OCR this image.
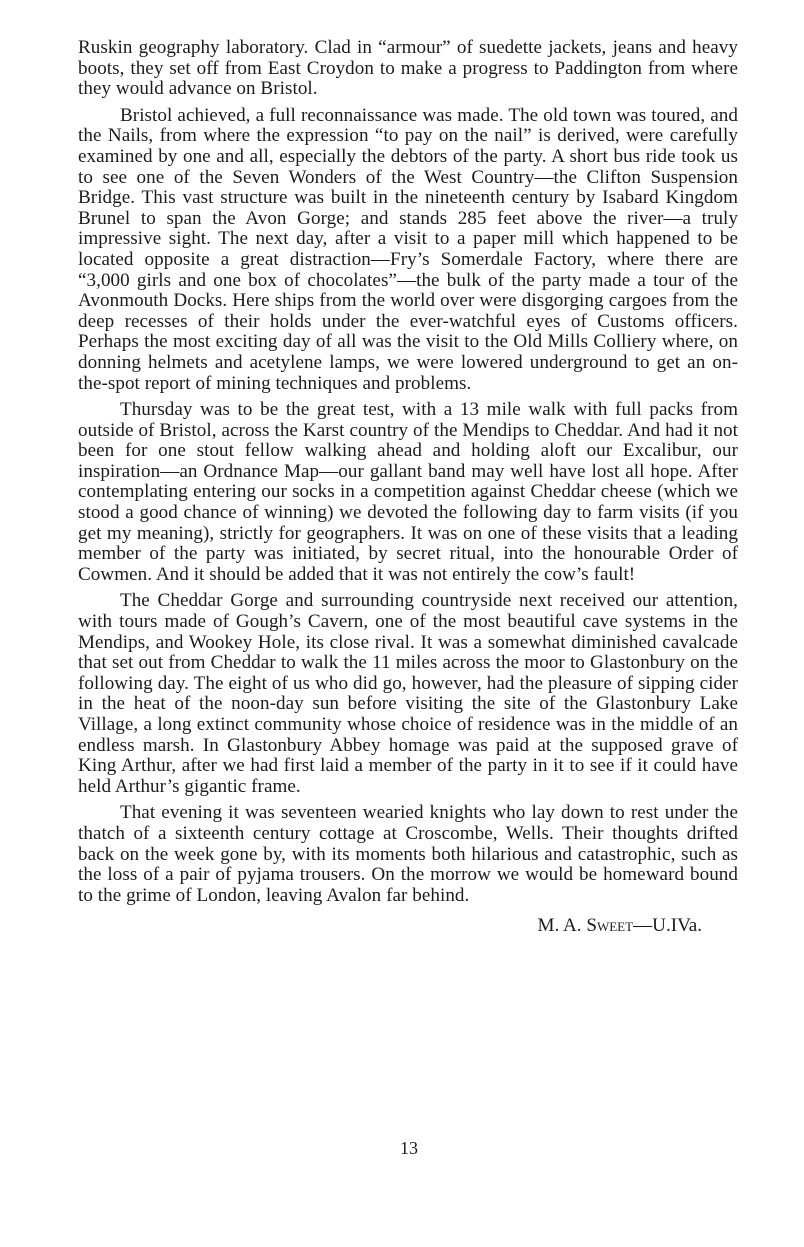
Ruskin geography laboratory. Clad in “armour” of suedette jackets, jeans and heavy boots, they set off from East Croydon to make a progress to Paddington from where they would advance on Bristol.

Bristol achieved, a full reconnaissance was made. The old town was toured, and the Nails, from where the expression “to pay on the nail” is derived, were carefully examined by one and all, especially the debtors of the party. A short bus ride took us to see one of the Seven Wonders of the West Country—the Clifton Suspension Bridge. This vast structure was built in the nineteenth century by Isabard Kingdom Brunel to span the Avon Gorge; and stands 285 feet above the river—a truly impressive sight. The next day, after a visit to a paper mill which happened to be located opposite a great distraction—Fry’s Somerdale Factory, where there are “3,000 girls and one box of chocolates”—the bulk of the party made a tour of the Avonmouth Docks. Here ships from the world over were disgorging cargoes from the deep recesses of their holds under the ever-watchful eyes of Customs officers. Perhaps the most exciting day of all was the visit to the Old Mills Colliery where, on donning helmets and acetylene lamps, we were lowered underground to get an on-the-spot report of mining techniques and problems.

Thursday was to be the great test, with a 13 mile walk with full packs from outside of Bristol, across the Karst country of the Mendips to Cheddar. And had it not been for one stout fellow walking ahead and holding aloft our Excalibur, our inspiration—an Ordnance Map—our gallant band may well have lost all hope. After contemplating entering our socks in a competition against Cheddar cheese (which we stood a good chance of winning) we devoted the following day to farm visits (if you get my meaning), strictly for geographers. It was on one of these visits that a leading member of the party was initiated, by secret ritual, into the honourable Order of Cowmen. And it should be added that it was not entirely the cow’s fault!

The Cheddar Gorge and surrounding countryside next received our attention, with tours made of Gough’s Cavern, one of the most beautiful cave systems in the Mendips, and Wookey Hole, its close rival. It was a somewhat diminished cavalcade that set out from Cheddar to walk the 11 miles across the moor to Glastonbury on the following day. The eight of us who did go, however, had the pleasure of sipping cider in the heat of the noon-day sun before visiting the site of the Glastonbury Lake Village, a long extinct community whose choice of residence was in the middle of an endless marsh. In Glastonbury Abbey homage was paid at the supposed grave of King Arthur, after we had first laid a member of the party in it to see if it could have held Arthur’s gigantic frame.

That evening it was seventeen wearied knights who lay down to rest under the thatch of a sixteenth century cottage at Croscombe, Wells. Their thoughts drifted back on the week gone by, with its moments both hilarious and catastrophic, such as the loss of a pair of pyjama trousers. On the morrow we would be homeward bound to the grime of London, leaving Avalon far behind.

M. A. Sweet—U.IVa.
13
